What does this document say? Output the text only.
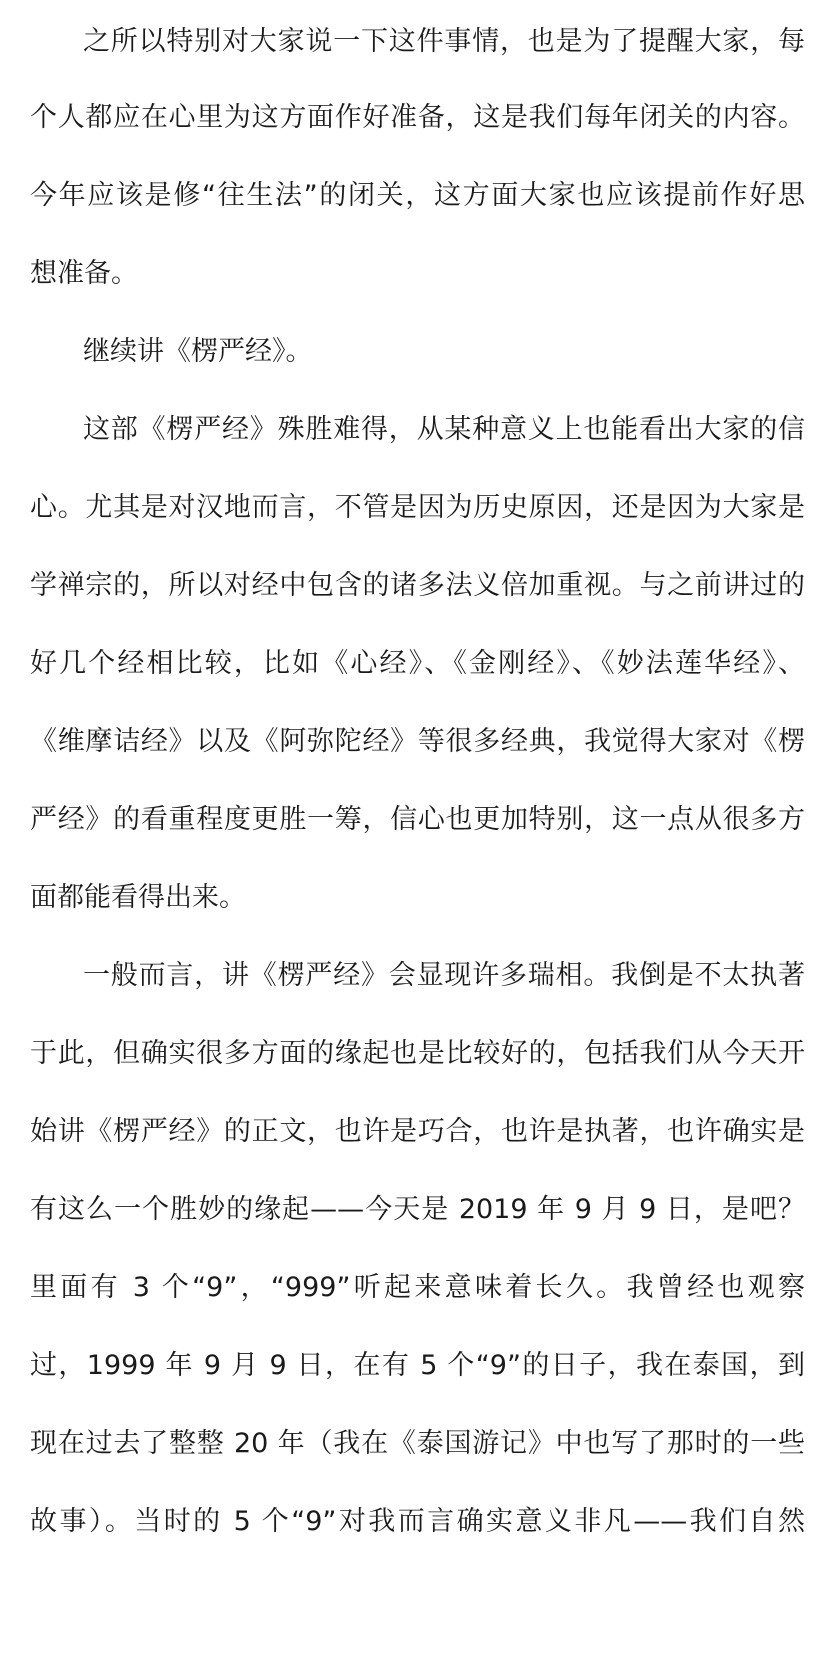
之所以特别对大家说一下这件事情，也是为了提醒大家，每
个人都应在心里为这方面作好准备，这是我们每年闭关的内容。
今年应该是修“往生法”的闭关，这方面大家也应该提前作好思
想准备。
继续讲《楞严经》。
这部《楞严经》殊胜难得，从某种意义上也能看出大家的信
心。尤其是对汉地而言，不管是因为历史原因，还是因为大家是
学禅宗的，所以对经中包含的诸多法义倍加重视。与之前讲过的
好几个经相比较，比如《心经》、《金刚经》、《妙法莲华经》、
《维摩诘经》以及《阿弥陀经》等很多经典，我觉得大家对《楞
严经》的看重程度更胜一筹，信心也更加特别，这一点从很多方
面都能看得出来。
一般而言，讲《楞严经》会显现许多瑞相。我倒是不太执著
于此，但确实很多方面的缘起也是比较好的，包括我们从今天开
始讲《楞严经》的正文，也许是巧合，也许是执著，也许确实是
有这么一个胜妙的缘起——今天是 2019 年 9 月 9 日，是吧？
里面有 3 个“9”，“999”听起来意味着长久。我曾经也观察
过，1999 年 9 月 9 日，在有 5 个“9”的日子，我在泰国，到
现在过去了整整 20 年（我在《泰国游记》中也写了那时的一些
故事）。当时的 5 个“9”对我而言确实意义非凡——我们自然
